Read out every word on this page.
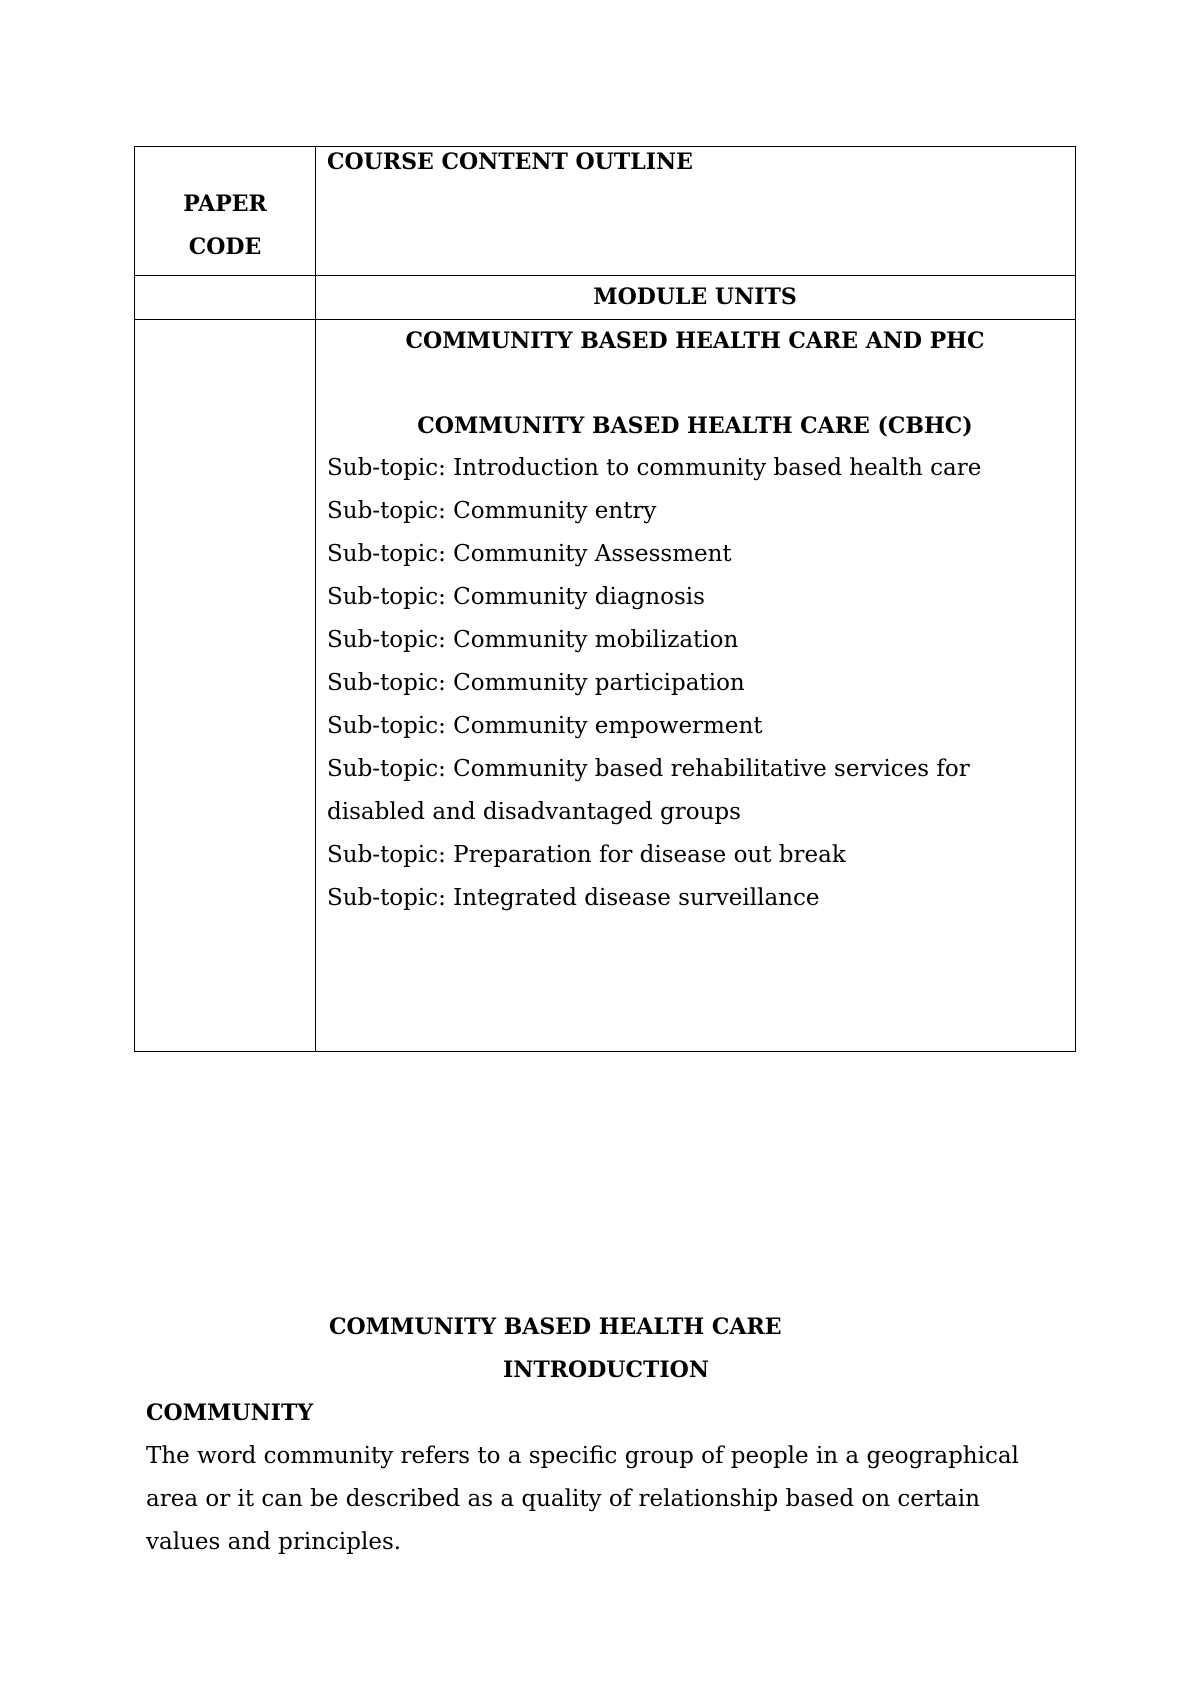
PAPER
CODE
COURSE CONTENT OUTLINE
MODULE UNITS
COMMUNITY BASED HEALTH CARE AND PHC
COMMUNITY BASED HEALTH CARE (CBHC)
Sub-topic: Introduction to community based health care
Sub-topic: Community entry
Sub-topic: Community Assessment
Sub-topic: Community diagnosis
Sub-topic: Community mobilization
Sub-topic: Community participation
Sub-topic: Community empowerment
Sub-topic: Community based rehabilitative services for
disabled and disadvantaged groups
Sub-topic: Preparation for disease out break
Sub-topic: Integrated disease surveillance
COMMUNITY BASED HEALTH CARE
INTRODUCTION
COMMUNITY
The word community refers to a specific group of people in a geographical
area or it can be described as a quality of relationship based on certain
values and principles.
